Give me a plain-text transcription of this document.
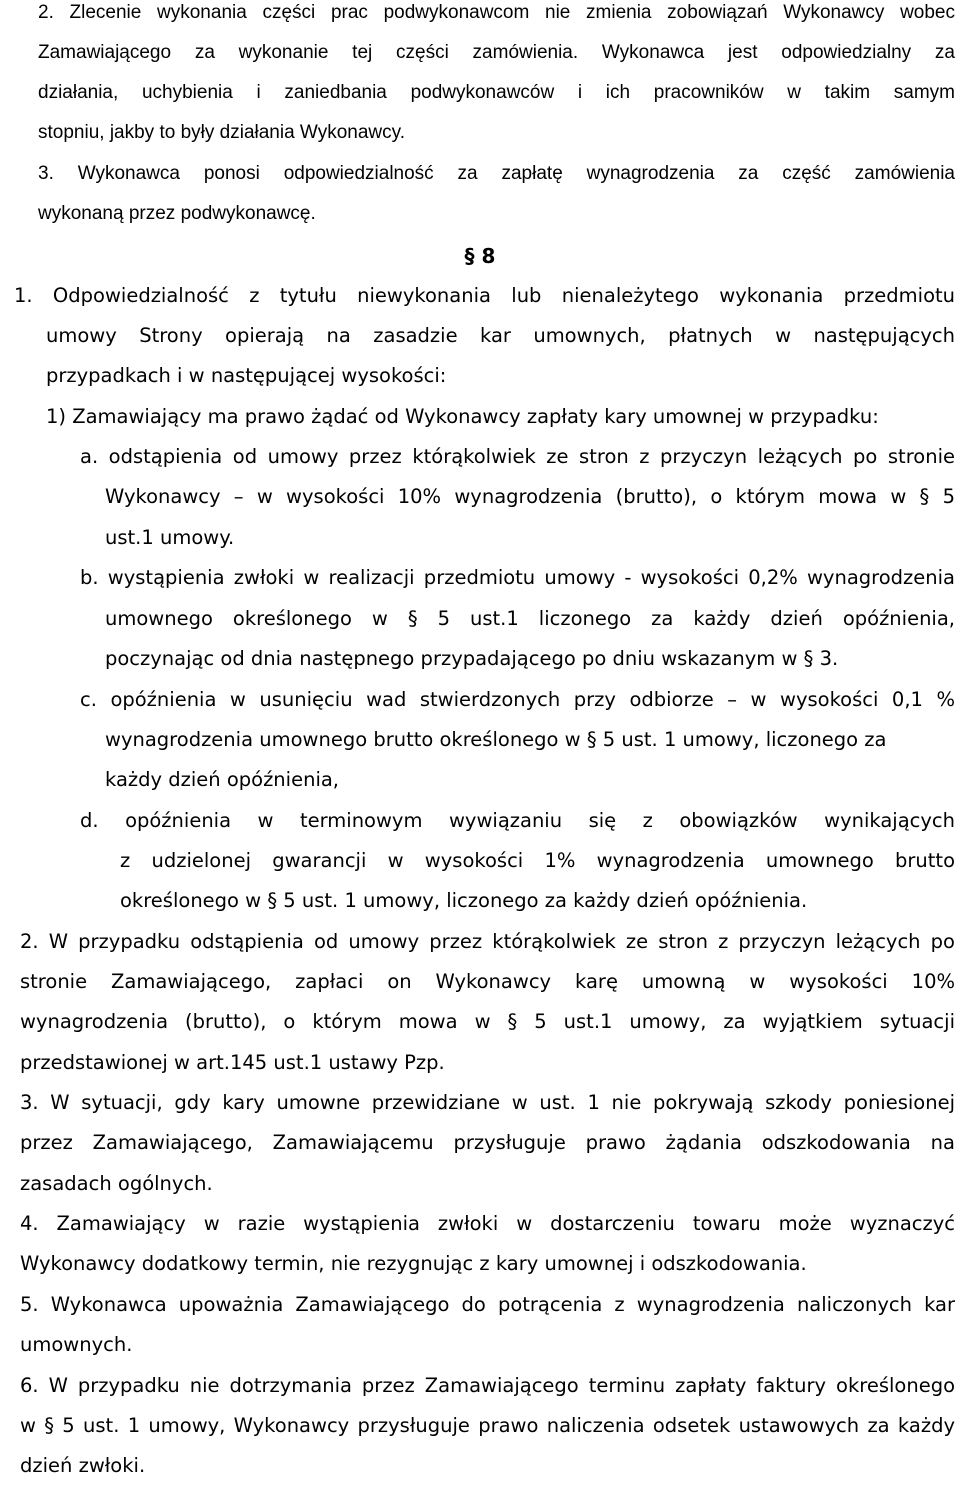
2. Zlecenie wykonania części prac podwykonawcom nie zmienia zobowiązań Wykonawcy wobec
Zamawiającego za wykonanie tej części zamówienia. Wykonawca jest odpowiedzialny za
działania, uchybienia i zaniedbania podwykonawców i ich pracowników w takim samym
stopniu, jakby to były działania Wykonawcy.
3. Wykonawca ponosi odpowiedzialność za zapłatę wynagrodzenia za część zamówienia
wykonaną przez podwykonawcę.
§ 8
1. Odpowiedzialność z tytułu niewykonania lub nienależytego wykonania przedmiotu
umowy Strony opierają na zasadzie kar umownych, płatnych w następujących
przypadkach i w następującej wysokości:
1) Zamawiający ma prawo żądać od Wykonawcy zapłaty kary umownej w przypadku:
a. odstąpienia od umowy przez którąkolwiek ze stron z przyczyn leżących po stronie
Wykonawcy – w wysokości 10% wynagrodzenia (brutto), o którym mowa w § 5
ust.1 umowy.
b. wystąpienia zwłoki w realizacji przedmiotu umowy - wysokości 0,2% wynagrodzenia
umownego określonego w § 5 ust.1 liczonego za każdy dzień opóźnienia,
poczynając od dnia następnego przypadającego po dniu wskazanym w § 3.
c. opóźnienia w usunięciu wad stwierdzonych przy odbiorze – w wysokości 0,1 %
wynagrodzenia umownego brutto określonego w § 5 ust. 1 umowy, liczonego za
każdy dzień opóźnienia,
d. opóźnienia w terminowym wywiązaniu się z obowiązków wynikających
z udzielonej gwarancji w wysokości 1% wynagrodzenia umownego brutto
określonego w § 5 ust. 1 umowy, liczonego za każdy dzień opóźnienia.
2. W przypadku odstąpienia od umowy przez którąkolwiek ze stron z przyczyn leżących po
stronie Zamawiającego, zapłaci on Wykonawcy karę umowną w wysokości 10%
wynagrodzenia (brutto), o którym mowa w § 5 ust.1 umowy, za wyjątkiem sytuacji
przedstawionej w art.145 ust.1 ustawy Pzp.
3. W sytuacji, gdy kary umowne przewidziane w ust. 1 nie pokrywają szkody poniesionej
przez Zamawiającego, Zamawiającemu przysługuje prawo żądania odszkodowania na
zasadach ogólnych.
4. Zamawiający w razie wystąpienia zwłoki w dostarczeniu towaru może wyznaczyć
Wykonawcy dodatkowy termin, nie rezygnując z kary umownej i odszkodowania.
5. Wykonawca upoważnia Zamawiającego do potrącenia z wynagrodzenia naliczonych kar
umownych.
6. W przypadku nie dotrzymania przez Zamawiającego terminu zapłaty faktury określonego
w § 5 ust. 1 umowy, Wykonawcy przysługuje prawo naliczenia odsetek ustawowych za każdy
dzień zwłoki.
